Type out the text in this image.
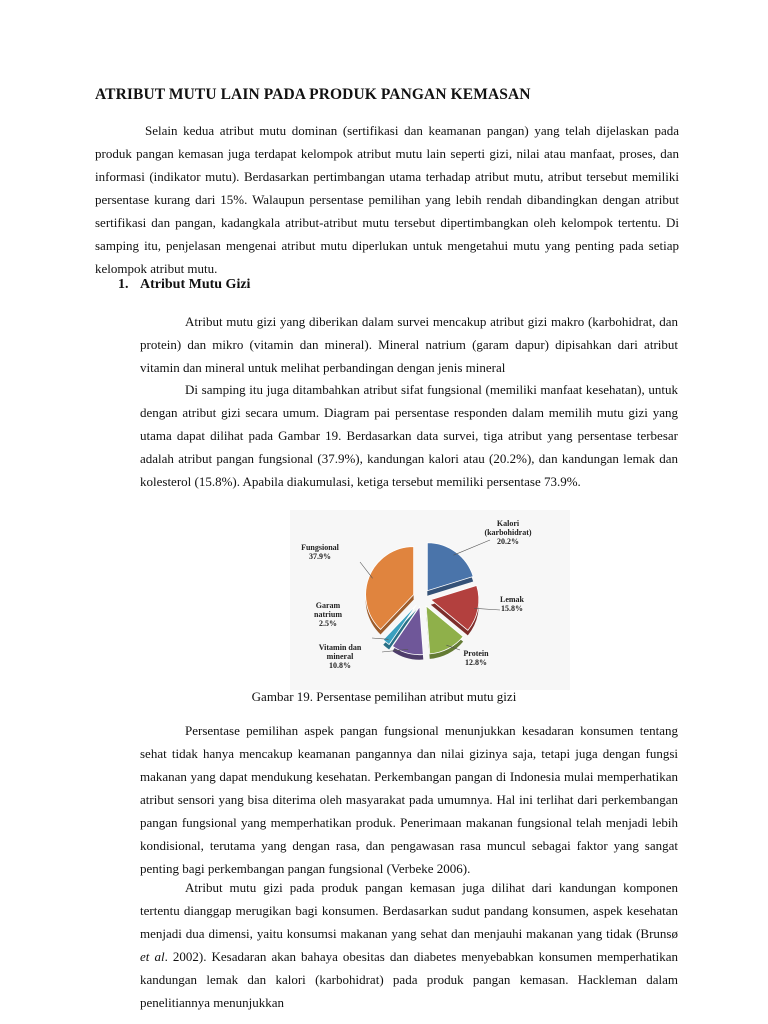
ATRIBUT MUTU LAIN PADA PRODUK PANGAN KEMASAN

Selain kedua atribut mutu dominan (sertifikasi dan keamanan pangan) yang telah dijelaskan pada produk pangan kemasan juga terdapat kelompok atribut mutu lain seperti gizi, nilai atau manfaat, proses, dan informasi (indikator mutu). Berdasarkan pertimbangan utama terhadap atribut mutu, atribut tersebut memiliki persentase kurang dari 15%. Walaupun persentase pemilihan yang lebih rendah dibandingkan dengan atribut sertifikasi dan pangan, kadangkala atribut-atribut mutu tersebut dipertimbangkan oleh kelompok tertentu. Di samping itu, penjelasan mengenai atribut mutu diperlukan untuk mengetahui mutu yang penting pada setiap kelompok atribut mutu.

1. Atribut Mutu Gizi

Atribut mutu gizi yang diberikan dalam survei mencakup atribut gizi makro (karbohidrat, dan protein) dan mikro (vitamin dan mineral). Mineral natrium (garam dapur) dipisahkan dari atribut vitamin dan mineral untuk melihat perbandingan dengan jenis mineral

Di samping itu juga ditambahkan atribut sifat fungsional (memiliki manfaat kesehatan), untuk dengan atribut gizi secara umum. Diagram pai persentase responden dalam memilih mutu gizi yang utama dapat dilihat pada Gambar 19. Berdasarkan data survei, tiga atribut yang persentase terbesar adalah atribut pangan fungsional (37.9%), kandungan kalori atau (20.2%), dan kandungan lemak dan kolesterol (15.8%). Apabila diakumulasi, ketiga tersebut memiliki persentase 73.9%.

Kalori (karbohidrat) 20.2%
Lemak 15.8%
Protein 12.8%
Vitamin dan mineral 10.8%
Garam natrium 2.5%
Fungsional 37.9%

Gambar 19. Persentase pemilihan atribut mutu gizi

Persentase pemilihan aspek pangan fungsional menunjukkan kesadaran konsumen tentang sehat tidak hanya mencakup keamanan pangannya dan nilai gizinya saja, tetapi juga dengan fungsi makanan yang dapat mendukung kesehatan. Perkembangan pangan di Indonesia mulai memperhatikan atribut sensori yang bisa diterima oleh masyarakat pada umumnya. Hal ini terlihat dari perkembangan pangan fungsional yang memperhatikan produk. Penerimaan makanan fungsional telah menjadi lebih kondisional, terutama yang dengan rasa, dan pengawasan rasa muncul sebagai faktor yang sangat penting bagi perkembangan pangan fungsional (Verbeke 2006).

Atribut mutu gizi pada produk pangan kemasan juga dilihat dari kandungan komponen tertentu dianggap merugikan bagi konsumen. Berdasarkan sudut pandang konsumen, aspek kesehatan menjadi dua dimensi, yaitu konsumsi makanan yang sehat dan menjauhi makanan yang tidak (Brunsø et al. 2002). Kesadaran akan bahaya obesitas dan diabetes menyebabkan konsumen memperhatikan kandungan lemak dan kalori (karbohidrat) pada produk pangan kemasan. Hackleman dalam penelitiannya menunjukkan
